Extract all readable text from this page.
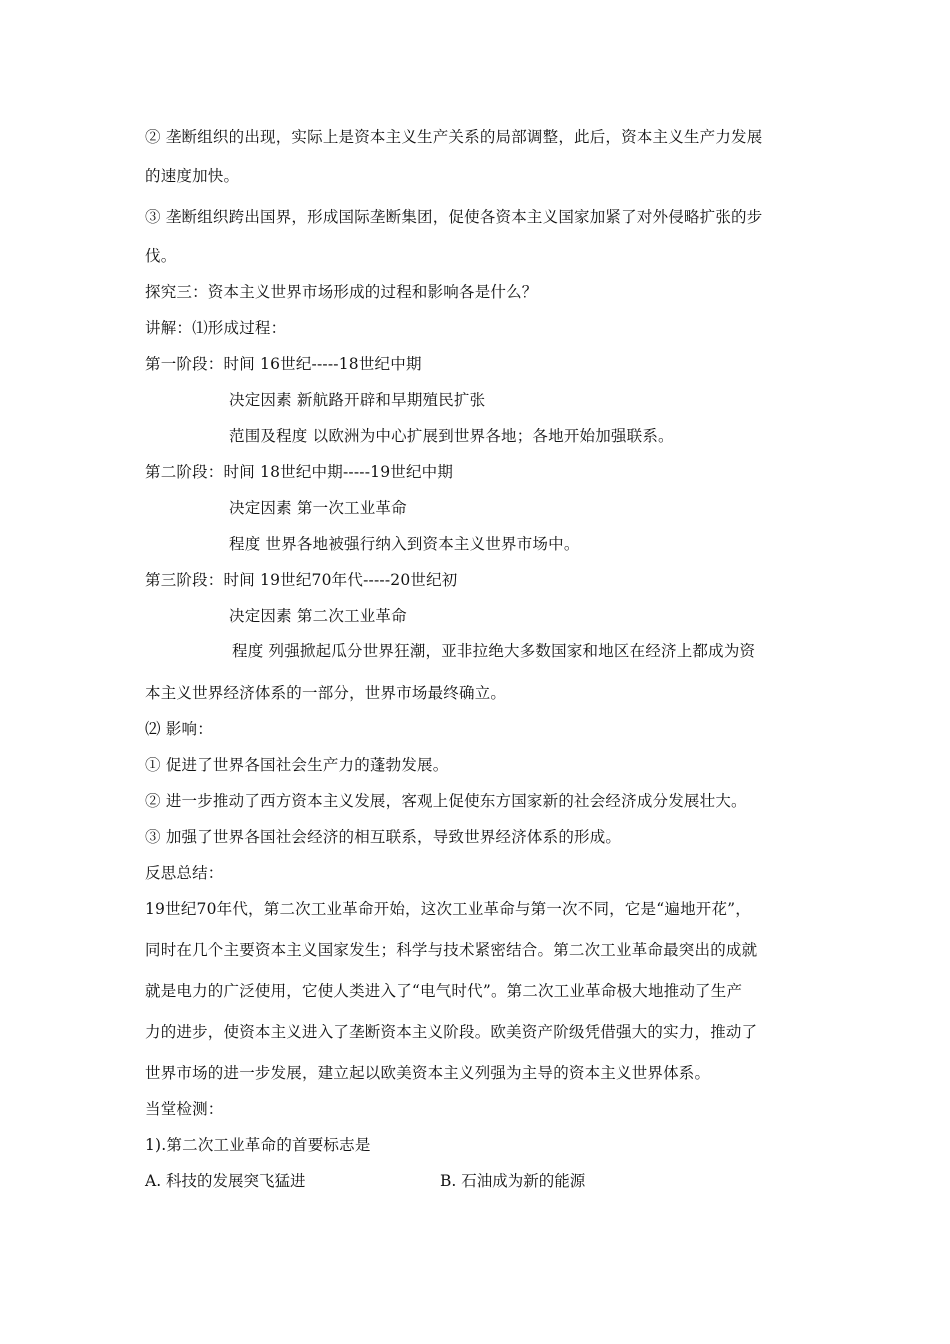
② 垄断组织的出现，实际上是资本主义生产关系的局部调整，此后，资本主义生产力发展
的速度加快。
③ 垄断组织跨出国界，形成国际垄断集团，促使各资本主义国家加紧了对外侵略扩张的步
伐。
探究三：资本主义世界市场形成的过程和影响各是什么？
讲解：⑴形成过程：
第一阶段：时间 16世纪-----18世纪中期
决定因素 新航路开辟和早期殖民扩张
范围及程度 以欧洲为中心扩展到世界各地；各地开始加强联系。
第二阶段：时间 18世纪中期-----19世纪中期
决定因素 第一次工业革命
程度 世界各地被强行纳入到资本主义世界市场中。
第三阶段：时间 19世纪70年代-----20世纪初
决定因素 第二次工业革命
程度 列强掀起瓜分世界狂潮，亚非拉绝大多数国家和地区在经济上都成为资
本主义世界经济体系的一部分，世界市场最终确立。
⑵ 影响：
① 促进了世界各国社会生产力的蓬勃发展。
② 进一步推动了西方资本主义发展，客观上促使东方国家新的社会经济成分发展壮大。
③ 加强了世界各国社会经济的相互联系，导致世界经济体系的形成。
反思总结：
19世纪70年代，第二次工业革命开始，这次工业革命与第一次不同，它是“遍地开花”，
同时在几个主要资本主义国家发生；科学与技术紧密结合。第二次工业革命最突出的成就
就是电力的广泛使用，它使人类进入了“电气时代”。第二次工业革命极大地推动了生产
力的进步，使资本主义进入了垄断资本主义阶段。欧美资产阶级凭借强大的实力，推动了
世界市场的进一步发展，建立起以欧美资本主义列强为主导的资本主义世界体系。
当堂检测：
1).第二次工业革命的首要标志是
A. 科技的发展突飞猛进	B. 石油成为新的能源
